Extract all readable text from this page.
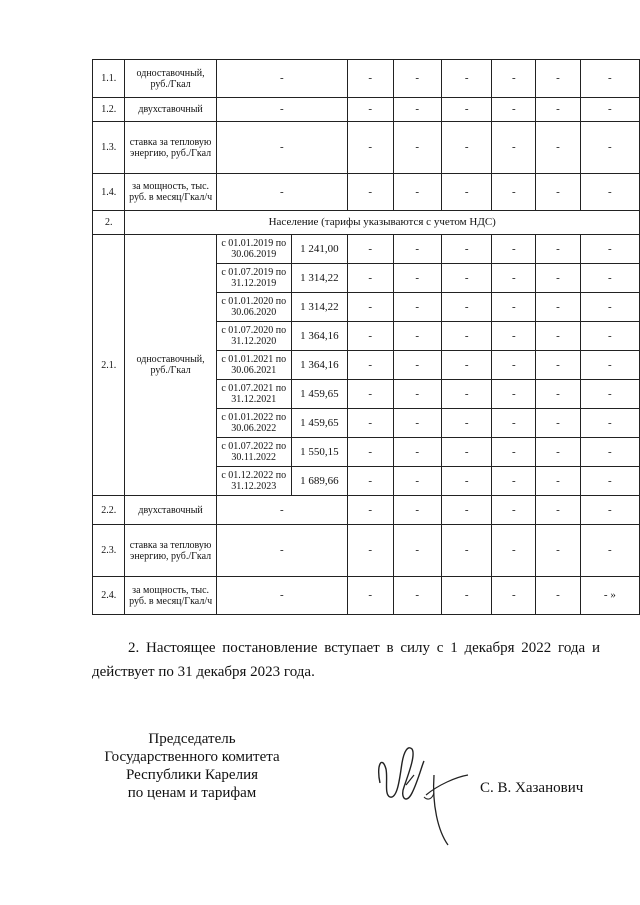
1.1.	одноставочный, руб./Гкал	-		-	-	-	-	-	-
1.2.	двухставочный	-		-	-	-	-	-	-
1.3.	ставка за тепловую энергию, руб./Гкал	-		-	-	-	-	-	-
1.4.	за мощность, тыс. руб. в месяц/Гкал/ч	-		-	-	-	-	-	-
2.	Население (тарифы указываются с учетом НДС)								
2.1.	одноставочный, руб./Гкал	с 01.01.2019 по 30.06.2019	1 241,00	-	-	-	-	-	-
		с 01.07.2019 по 31.12.2019	1 314,22	-	-	-	-	-	-
		с 01.01.2020 по 30.06.2020	1 314,22	-	-	-	-	-	-
		с 01.07.2020 по 31.12.2020	1 364,16	-	-	-	-	-	-
		с 01.01.2021 по 30.06.2021	1 364,16	-	-	-	-	-	-
		с 01.07.2021 по 31.12.2021	1 459,65	-	-	-	-	-	-
		с 01.01.2022 по 30.06.2022	1 459,65	-	-	-	-	-	-
		с 01.07.2022 по 30.11.2022	1 550,15	-	-	-	-	-	-
		с 01.12.2022 по 31.12.2023	1 689,66	-	-	-	-	-	-
2.2.	двухставочный	-		-	-	-	-	-	-
2.3.	ставка за тепловую энергию, руб./Гкал	-		-	-	-	-	-	-
2.4.	за мощность, тыс. руб. в месяц/Гкал/ч	-		-	-	-	-	-	- »
2. Настоящее постановление вступает в силу с 1 декабря 2022 года и действует по 31 декабря 2023 года.
Председатель
Государственного комитета
Республики Карелия
по ценам и тарифам	С. В. Хазанович
